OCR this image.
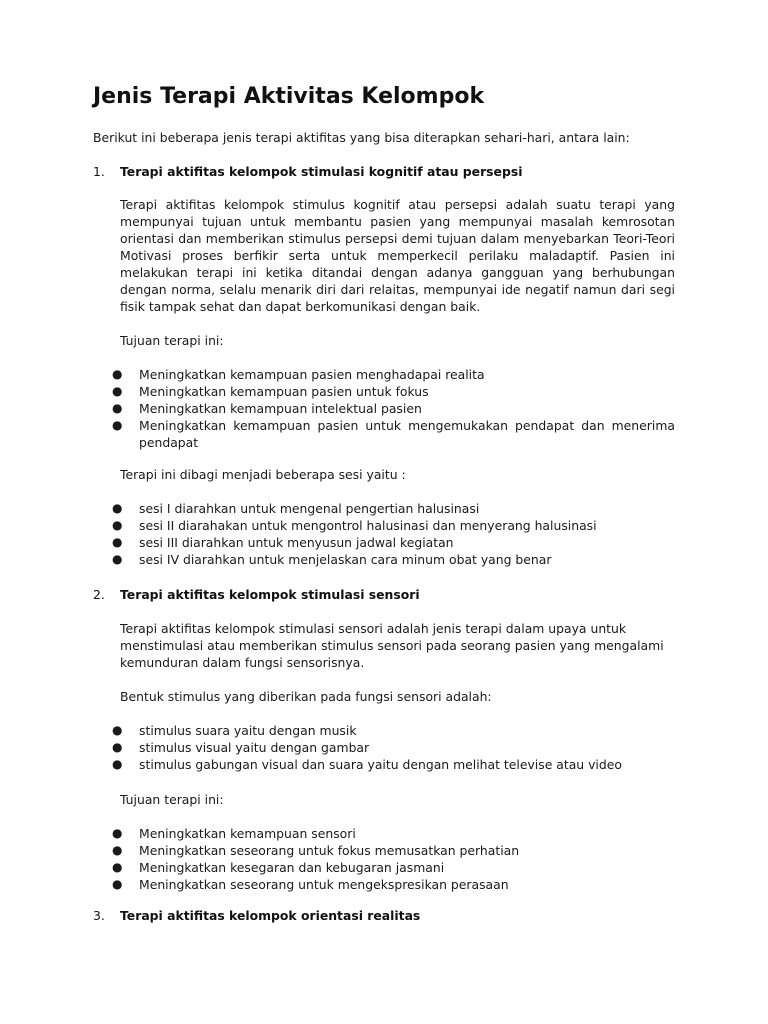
Jenis Terapi Aktivitas Kelompok

Berikut ini beberapa jenis terapi aktifitas yang bisa diterapkan sehari-hari, antara lain:

1. Terapi aktifitas kelompok stimulasi kognitif atau persepsi

Terapi aktifitas kelompok stimulus kognitif atau persepsi adalah suatu terapi yang mempunyai tujuan untuk membantu pasien yang mempunyai masalah kemrosotan orientasi dan memberikan stimulus persepsi demi tujuan dalam menyebarkan Teori-Teori Motivasi proses berfikir serta untuk memperkecil perilaku maladaptif. Pasien ini melakukan terapi ini ketika ditandai dengan adanya gangguan yang berhubungan dengan norma, selalu menarik diri dari relaitas, mempunyai ide negatif namun dari segi fisik tampak sehat dan dapat berkomunikasi dengan baik.

Tujuan terapi ini:

● Meningkatkan kemampuan pasien menghadapai realita
● Meningkatkan kemampuan pasien untuk fokus
● Meningkatkan kemampuan intelektual pasien
● Meningkatkan kemampuan pasien untuk mengemukakan pendapat dan menerima pendapat

Terapi ini dibagi menjadi beberapa sesi yaitu :

● sesi I diarahkan untuk mengenal pengertian halusinasi
● sesi II diarahakan untuk mengontrol halusinasi dan menyerang halusinasi
● sesi III diarahkan untuk menyusun jadwal kegiatan
● sesi IV diarahkan untuk menjelaskan cara minum obat yang benar

2. Terapi aktifitas kelompok stimulasi sensori

Terapi aktifitas kelompok stimulasi sensori adalah jenis terapi dalam upaya untuk
menstimulasi atau memberikan stimulus sensori pada seorang pasien yang mengalami
kemunduran dalam fungsi sensorisnya.

Bentuk stimulus yang diberikan pada fungsi sensori adalah:

● stimulus suara yaitu dengan musik
● stimulus visual yaitu dengan gambar
● stimulus gabungan visual dan suara yaitu dengan melihat televise atau video

Tujuan terapi ini:

● Meningkatkan kemampuan sensori
● Meningkatkan seseorang untuk fokus memusatkan perhatian
● Meningkatkan kesegaran dan kebugaran jasmani
● Meningkatkan seseorang untuk mengekspresikan perasaan

3. Terapi aktifitas kelompok orientasi realitas
